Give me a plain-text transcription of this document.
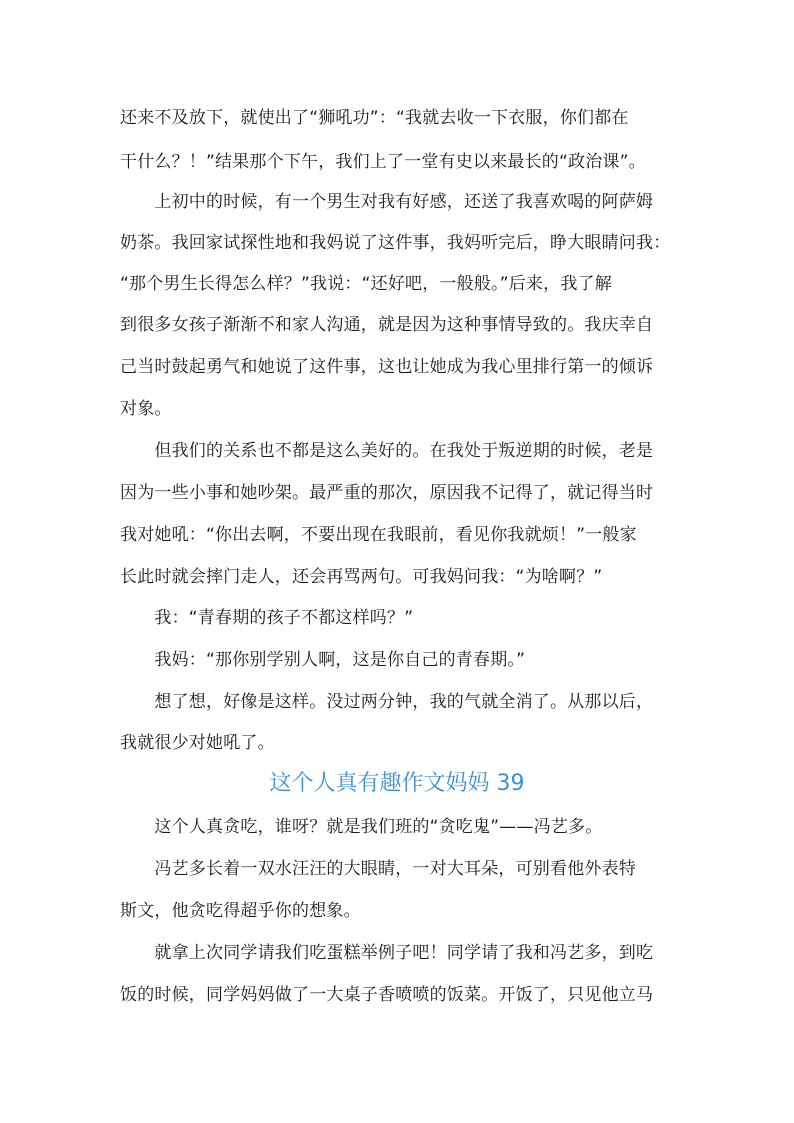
还来不及放下，就使出了“狮吼功”：“我就去收一下衣服，你们都在
干什么？！”结果那个下午，我们上了一堂有史以来最长的“政治课”。
　　上初中的时候，有一个男生对我有好感，还送了我喜欢喝的阿萨姆
奶茶。我回家试探性地和我妈说了这件事，我妈听完后，睁大眼睛问我：
“那个男生长得怎么样？”我说：“还好吧，一般般。”后来，我了解
到很多女孩子渐渐不和家人沟通，就是因为这种事情导致的。我庆幸自
己当时鼓起勇气和她说了这件事，这也让她成为我心里排行第一的倾诉
对象。
　　但我们的关系也不都是这么美好的。在我处于叛逆期的时候，老是
因为一些小事和她吵架。最严重的那次，原因我不记得了，就记得当时
我对她吼：“你出去啊，不要出现在我眼前，看见你我就烦！”一般家
长此时就会摔门走人，还会再骂两句。可我妈问我：“为啥啊？”
　　我：“青春期的孩子不都这样吗？”
　　我妈：“那你别学别人啊，这是你自己的青春期。”
　　想了想，好像是这样。没过两分钟，我的气就全消了。从那以后，
我就很少对她吼了。
这个人真有趣作文妈妈 39
　　这个人真贪吃，谁呀？就是我们班的“贪吃鬼”——冯艺多。
　　冯艺多长着一双水汪汪的大眼睛，一对大耳朵，可别看他外表特
斯文，他贪吃得超乎你的想象。
　　就拿上次同学请我们吃蛋糕举例子吧！同学请了我和冯艺多，到吃
饭的时候，同学妈妈做了一大桌子香喷喷的饭菜。开饭了，只见他立马
